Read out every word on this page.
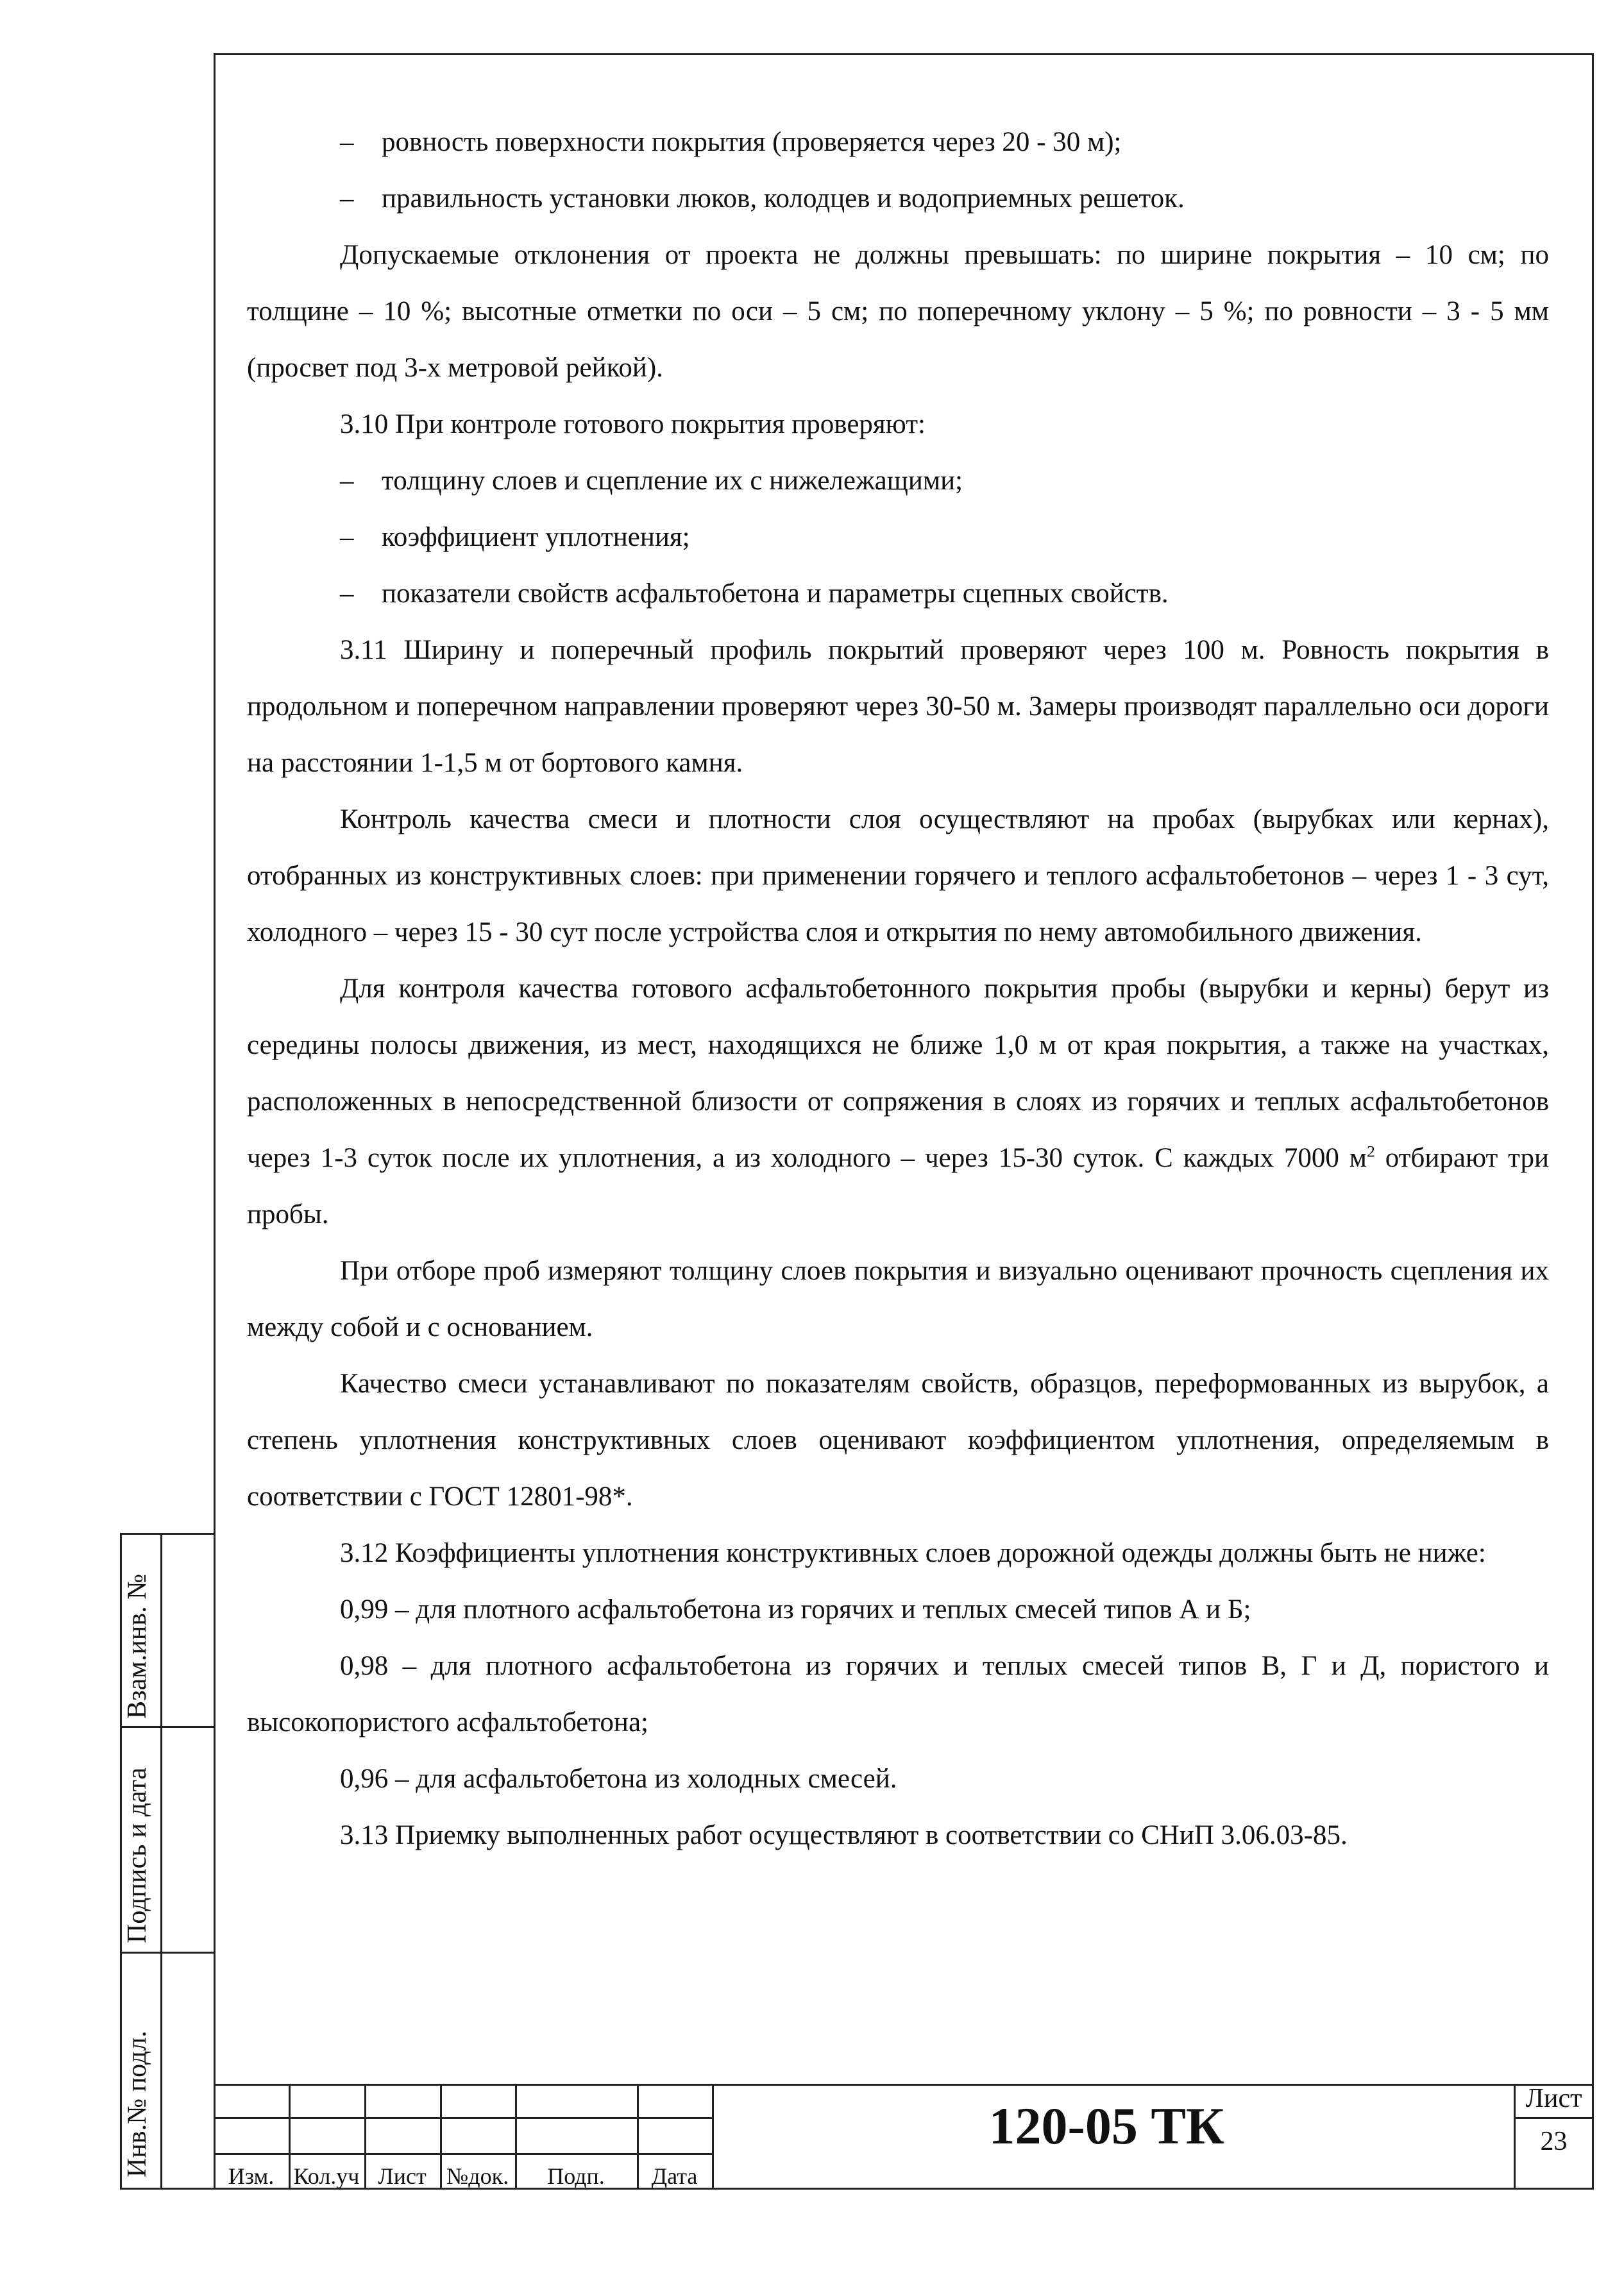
– ровность поверхности покрытия (проверяется через 20 - 30 м);

– правильность установки люков, колодцев и водоприемных решеток.

Допускаемые отклонения от проекта не должны превышать: по ширине покрытия – 10 см; по толщине – 10 %; высотные отметки по оси – 5 см; по поперечному уклону – 5 %; по ровности – 3 - 5 мм (просвет под 3-х метровой рейкой).

3.10 При контроле готового покрытия проверяют:

– толщину слоев и сцепление их с нижележащими;

– коэффициент уплотнения;

– показатели свойств асфальтобетона и параметры сцепных свойств.

3.11 Ширину и поперечный профиль покрытий проверяют через 100 м. Ровность покрытия в продольном и поперечном направлении проверяют через 30-50 м. Замеры производят параллельно оси дороги на расстоянии 1-1,5 м от бортового камня.

Контроль качества смеси и плотности слоя осуществляют на пробах (вырубках или кернах), отобранных из конструктивных слоев: при применении горячего и теплого асфальтобетонов – через 1 - 3 сут, холодного – через 15 - 30 сут после устройства слоя и открытия по нему автомобильного движения.

Для контроля качества готового асфальтобетонного покрытия пробы (вырубки и керны) берут из середины полосы движения, из мест, находящихся не ближе 1,0 м от края покрытия, а также на участках, расположенных в непосредственной близости от сопряжения в слоях из горячих и теплых асфальтобетонов через 1-3 суток после их уплотнения, а из холодного – через 15-30 суток. С каждых 7000 $м^2$ отбирают три пробы.

При отборе проб измеряют толщину слоев покрытия и визуально оценивают прочность сцепления их между собой и с основанием.

Качество смеси устанавливают по показателям свойств, образцов, переформованных из вырубок, а степень уплотнения конструктивных слоев оценивают коэффициентом уплотнения, определяемым в соответствии с ГОСТ 12801-98*.

3.12 Коэффициенты уплотнения конструктивных слоев дорожной одежды должны быть не ниже:

0,99 – для плотного асфальтобетона из горячих и теплых смесей типов А и Б;

0,98 – для плотного асфальтобетона из горячих и теплых смесей типов В, Г и Д, пористого и высокопористого асфальтобетона;

0,96 – для асфальтобетона из холодных смесей.

3.13 Приемку выполненных работ осуществляют в соответствии со СНиП 3.06.03-85.

Взам.инв. №
Подпись и дата
Инв.№ подл.	Изм. Кол.уч Лист №док.	Подп.	Дата
120-05 ТК	Лист
23
